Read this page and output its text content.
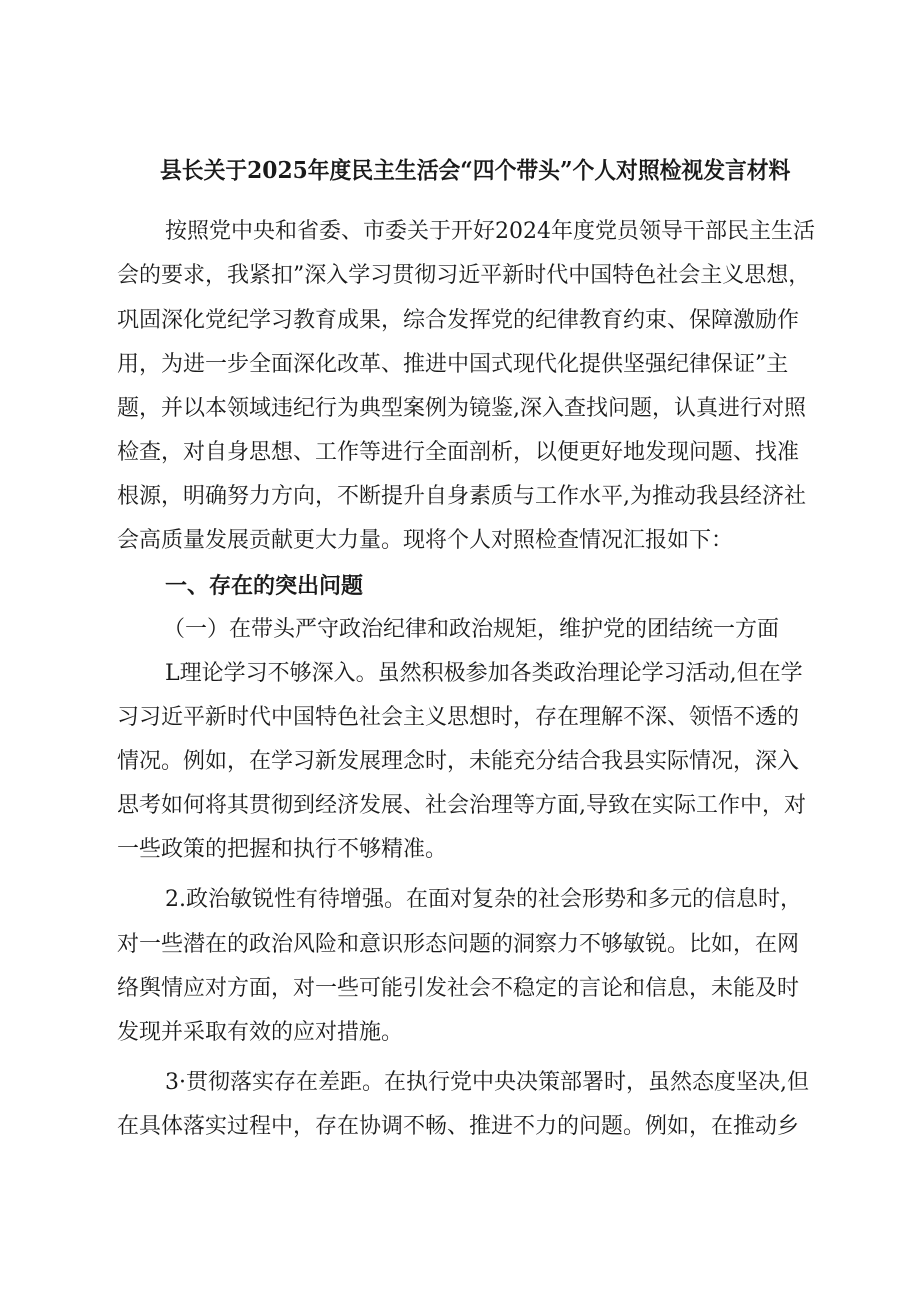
县长关于2025年度民主生活会“四个带头”个人对照检视发言材料
按照党中央和省委、市委关于开好2024年度党员领导干部民主生活
会的要求，我紧扣”深入学习贯彻习近平新时代中国特色社会主义思想，
巩固深化党纪学习教育成果，综合发挥党的纪律教育约束、保障激励作
用，为进一步全面深化改革、推进中国式现代化提供坚强纪律保证”主
题，并以本领域违纪行为典型案例为镜鉴,深入查找问题，认真进行对照
检查，对自身思想、工作等进行全面剖析，以便更好地发现问题、找准
根源，明确努力方向，不断提升自身素质与工作水平,为推动我县经济社
会高质量发展贡献更大力量。现将个人对照检查情况汇报如下：
一、存在的突出问题
（一）在带头严守政治纪律和政治规矩，维护党的团结统一方面
L理论学习不够深入。虽然积极参加各类政治理论学习活动,但在学
习习近平新时代中国特色社会主义思想时，存在理解不深、领悟不透的
情况。例如，在学习新发展理念时，未能充分结合我县实际情况，深入
思考如何将其贯彻到经济发展、社会治理等方面,导致在实际工作中，对
一些政策的把握和执行不够精准。
2.政治敏锐性有待增强。在面对复杂的社会形势和多元的信息时，
对一些潜在的政治风险和意识形态问题的洞察力不够敏锐。比如，在网
络舆情应对方面，对一些可能引发社会不稳定的言论和信息，未能及时
发现并采取有效的应对措施。
3·贯彻落实存在差距。在执行党中央决策部署时，虽然态度坚决,但
在具体落实过程中，存在协调不畅、推进不力的问题。例如，在推动乡
